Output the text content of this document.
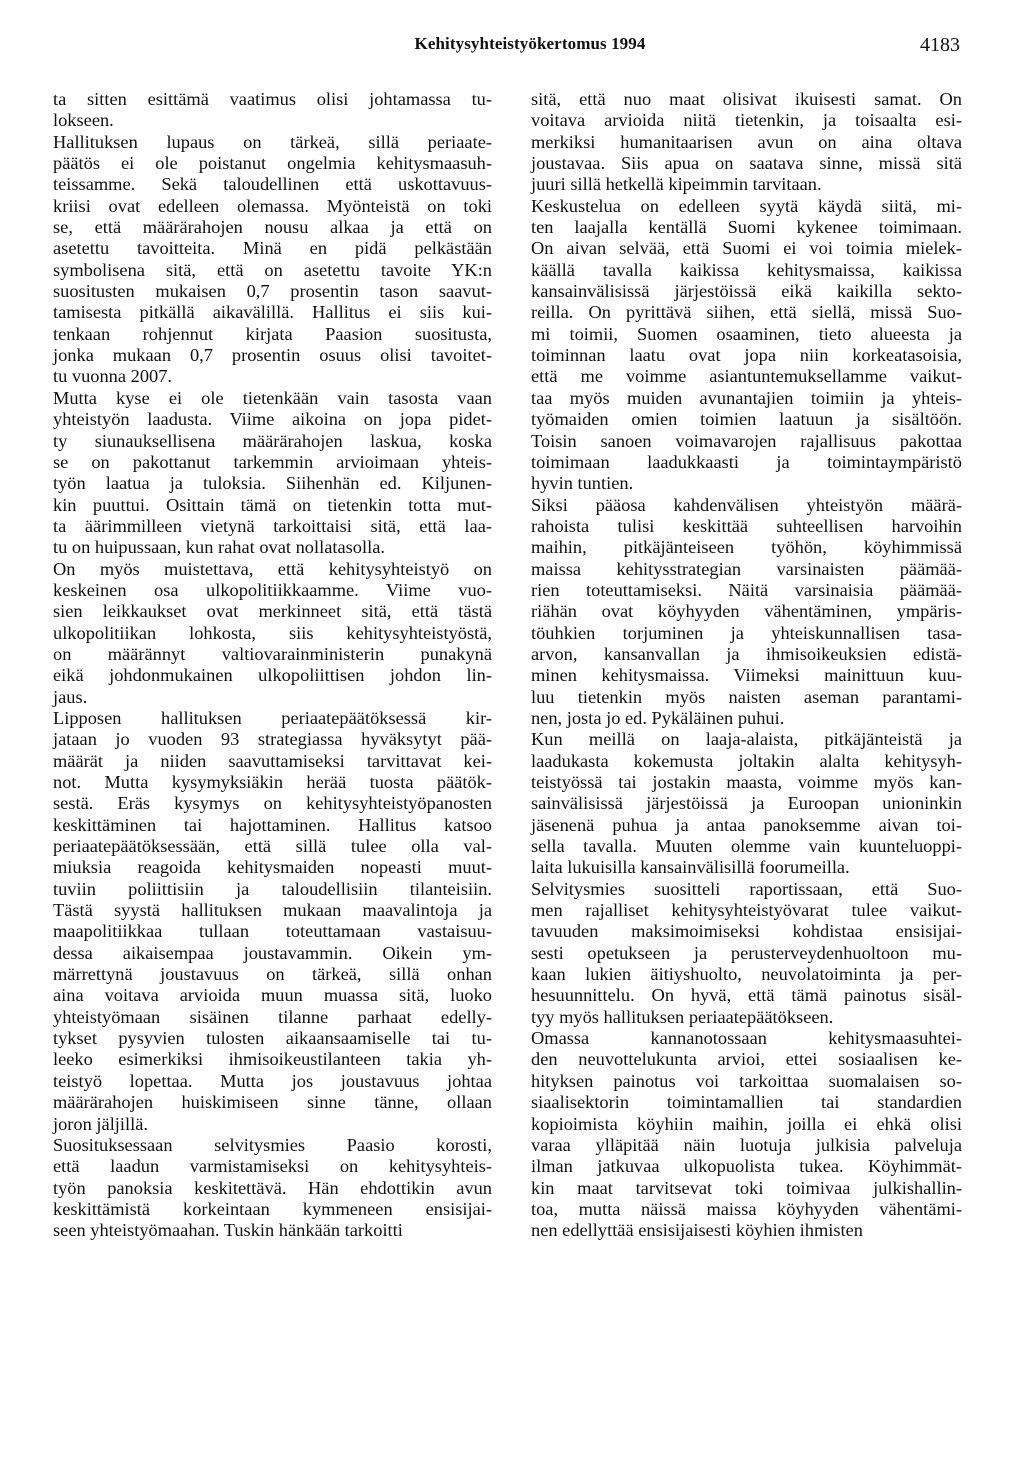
Kehitysyhteistyökertomus 1994	4183
ta sitten esittämä vaatimus olisi johtamassa tu-
lokseen.
Hallituksen lupaus on tärkeä, sillä periaate-
päätös ei ole poistanut ongelmia kehitysmaasuh-
teissamme. Sekä taloudellinen että uskottavuus-
kriisi ovat edelleen olemassa. Myönteistä on toki
se, että määrärahojen nousu alkaa ja että on
asetettu tavoitteita. Minä en pidä pelkästään
symbolisena sitä, että on asetettu tavoite YK:n
suositusten mukaisen 0,7 prosentin tason saavut-
tamisesta pitkällä aikavälillä. Hallitus ei siis kui-
tenkaan rohjennut kirjata Paasion suositusta,
jonka mukaan 0,7 prosentin osuus olisi tavoitet-
tu vuonna 2007.
Mutta kyse ei ole tietenkään vain tasosta vaan
yhteistyön laadusta. Viime aikoina on jopa pidet-
ty siunauksellisena määrärahojen laskua, koska
se on pakottanut tarkemmin arvioimaan yhteis-
työn laatua ja tuloksia. Siihenhän ed. Kiljunen-
kin puuttui. Osittain tämä on tietenkin totta mut-
ta äärimmilleen vietynä tarkoittaisi sitä, että laa-
tu on huipussaan, kun rahat ovat nollatasolla.
On myös muistettava, että kehitysyhteistyö on
keskeinen osa ulkopolitiikkaamme. Viime vuo-
sien leikkaukset ovat merkinneet sitä, että tästä
ulkopolitiikan lohkosta, siis kehitysyhteistyöstä,
on määrännyt valtiovarainministerin punakynä
eikä johdonmukainen ulkopoliittisen johdon lin-
jaus.
Lipposen hallituksen periaatepäätöksessä kir-
jataan jo vuoden 93 strategiassa hyväksytyt pää-
määrät ja niiden saavuttamiseksi tarvittavat kei-
not. Mutta kysymyksiäkin herää tuosta päätök-
sestä. Eräs kysymys on kehitysyhteistyöpanosten
keskittäminen tai hajottaminen. Hallitus katsoo
periaatepäätöksessään, että sillä tulee olla val-
miuksia reagoida kehitysmaiden nopeasti muut-
tuviin poliittisiin ja taloudellisiin tilanteisiin.
Tästä syystä hallituksen mukaan maavalintoja ja
maapolitiikkaa tullaan toteuttamaan vastaisuu-
dessa aikaisempaa joustavammin. Oikein ym-
märrettynä joustavuus on tärkeä, sillä onhan
aina voitava arvioida muun muassa sitä, luoko
yhteistyömaan sisäinen tilanne parhaat edelly-
tykset pysyvien tulosten aikaansaamiselle tai tu-
leeko esimerkiksi ihmisoikeustilanteen takia yh-
teistyö lopettaa. Mutta jos joustavuus johtaa
määrärahojen huiskimiseen sinne tänne, ollaan
joron jäljillä.
Suosituksessaan selvitysmies Paasio korosti,
että laadun varmistamiseksi on kehitysyhteis-
työn panoksia keskitettävä. Hän ehdottikin avun
keskittämistä korkeintaan kymmeneen ensisijai-
seen yhteistyömaahan. Tuskin hänkään tarkoitti
sitä, että nuo maat olisivat ikuisesti samat. On
voitava arvioida niitä tietenkin, ja toisaalta esi-
merkiksi humanitaarisen avun on aina oltava
joustavaa. Siis apua on saatava sinne, missä sitä
juuri sillä hetkellä kipeimmin tarvitaan.
Keskustelua on edelleen syytä käydä siitä, mi-
ten laajalla kentällä Suomi kykenee toimimaan.
On aivan selvää, että Suomi ei voi toimia mielek-
käällä tavalla kaikissa kehitysmaissa, kaikissa
kansainvälisissä järjestöissä eikä kaikilla sekto-
reilla. On pyrittävä siihen, että siellä, missä Suo-
mi toimii, Suomen osaaminen, tieto alueesta ja
toiminnan laatu ovat jopa niin korkeatasoisia,
että me voimme asiantuntemuksellamme vaikut-
taa myös muiden avunantajien toimiin ja yhteis-
työmaiden omien toimien laatuun ja sisältöön.
Toisin sanoen voimavarojen rajallisuus pakottaa
toimimaan laadukkaasti ja toimintaympäristö
hyvin tuntien.
Siksi pääosa kahdenvälisen yhteistyön määrä-
rahoista tulisi keskittää suhteellisen harvoihin
maihin, pitkäjänteiseen työhön, köyhimmissä
maissa kehitysstrategian varsinaisten päämää-
rien toteuttamiseksi. Näitä varsinaisia päämää-
riähän ovat köyhyyden vähentäminen, ympäris-
töuhkien torjuminen ja yhteiskunnallisen tasa-
arvon, kansanvallan ja ihmisoikeuksien edistä-
minen kehitysmaissa. Viimeksi mainittuun kuu-
luu tietenkin myös naisten aseman parantami-
nen, josta jo ed. Pykäläinen puhui.
Kun meillä on laaja-alaista, pitkäjänteistä ja
laadukasta kokemusta joltakin alalta kehitysyh-
teistyössä tai jostakin maasta, voimme myös kan-
sainvälisissä järjestöissä ja Euroopan unioninkin
jäsenenä puhua ja antaa panoksemme aivan toi-
sella tavalla. Muuten olemme vain kuunteluoppi-
laita lukuisilla kansainvälisillä foorumeilla.
Selvitysmies suositteli raportissaan, että Suo-
men rajalliset kehitysyhteistyövarat tulee vaikut-
tavuuden maksimoimiseksi kohdistaa ensisijai-
sesti opetukseen ja perusterveydenhuoltoon mu-
kaan lukien äitiyshuolto, neuvolatoiminta ja per-
hesuunnittelu. On hyvä, että tämä painotus sisäl-
tyy myös hallituksen periaatepäätökseen.
Omassa kannanotossaan kehitysmaasuhtei-
den neuvottelukunta arvioi, ettei sosiaalisen ke-
hityksen painotus voi tarkoittaa suomalaisen so-
siaalisektorin toimintamallien tai standardien
kopioimista köyhiin maihin, joilla ei ehkä olisi
varaa ylläpitää näin luotuja julkisia palveluja
ilman jatkuvaa ulkopuolista tukea. Köyhimmät-
kin maat tarvitsevat toki toimivaa julkishallin-
toa, mutta näissä maissa köyhyyden vähentämi-
nen edellyttää ensisijaisesti köyhien ihmisten
